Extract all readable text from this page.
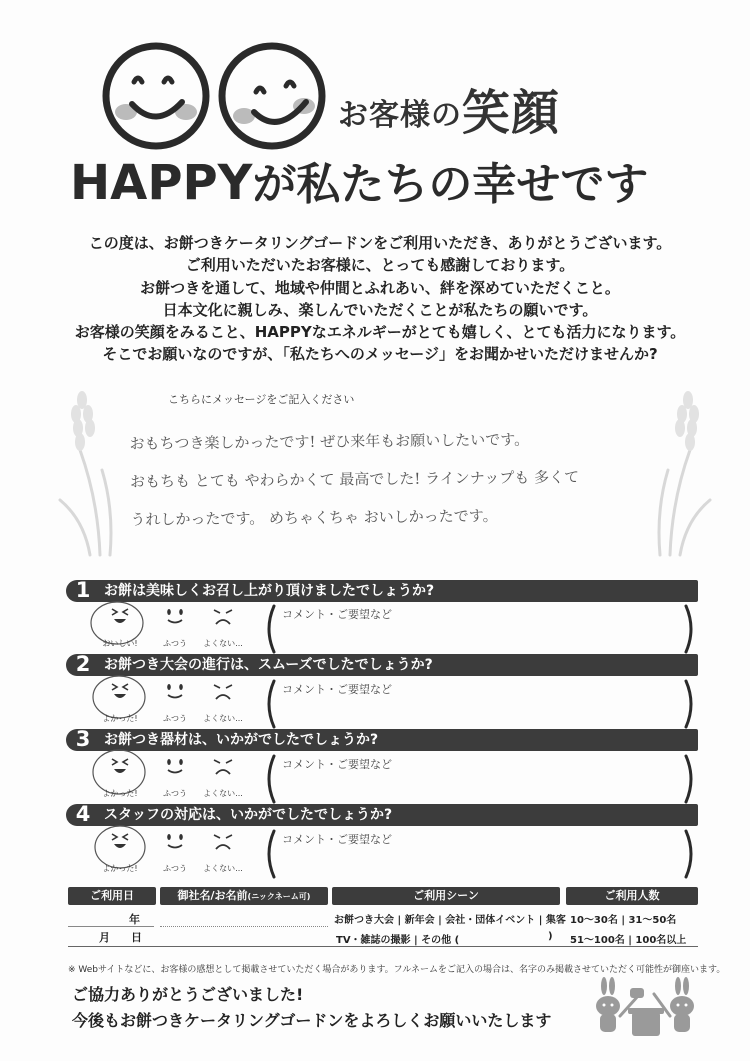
お客様の笑顔
HAPPYが私たちの幸せです

この度は、お餅つきケータリングゴードンをご利用いただき、ありがとうございます。

ご利用いただいたお客様に、とっても感謝しております。

お餅つきを通して、地域や仲間とふれあい、絆を深めていただくこと。

日本文化に親しみ、楽しんでいただくことが私たちの願いです。

お客様の笑顔をみること、HAPPYなエネルギーがとても嬉しく、とても活力になります。

そこでお願いなのですが、「私たちへのメッセージ」をお聞かせいただけませんか?

こちらにメッセージをご記入ください

おもちつき楽しかったです! ぜひ来年もお願いしたいです。

おもちも とても やわらかくて 最高でした! ラインナップも 多くて

うれしかったです。 めちゃくちゃ おいしかったです。

1 お餅は美味しくお召し上がり頂けましたでしょうか?
2 お餅つき大会の進行は、スムーズでしたでしょうか?
3 お餅つき器材は、いかがでしたでしょうか?
4 スタッフの対応は、いかがでしたでしょうか?
おいしい!	ふつう	よくない...
よかった!	ふつう	よくない...
よかった!	ふつう	よくない...
よかった!	ふつう	よくない...
コメント・ご要望など
コメント・ご要望など
コメント・ご要望など
コメント・ご要望など
ご利用日	御社名/お名前(ニックネーム可)	ご利用シーン	ご利用人数
年
月 日
お餅つき大会 | 新年会 | 会社・団体イベント | 集客
TV・雑誌の撮影 | その他 (	)
10〜30名 | 31〜50名
51〜100名 | 100名以上
※ Webサイトなどに、お客様の感想として掲載させていただく場合があります。フルネームをご記入の場合は、名字のみ掲載させていただく可能性が御座います。
ご協力ありがとうございました!
今後もお餅つきケータリングゴードンをよろしくお願いいたします
